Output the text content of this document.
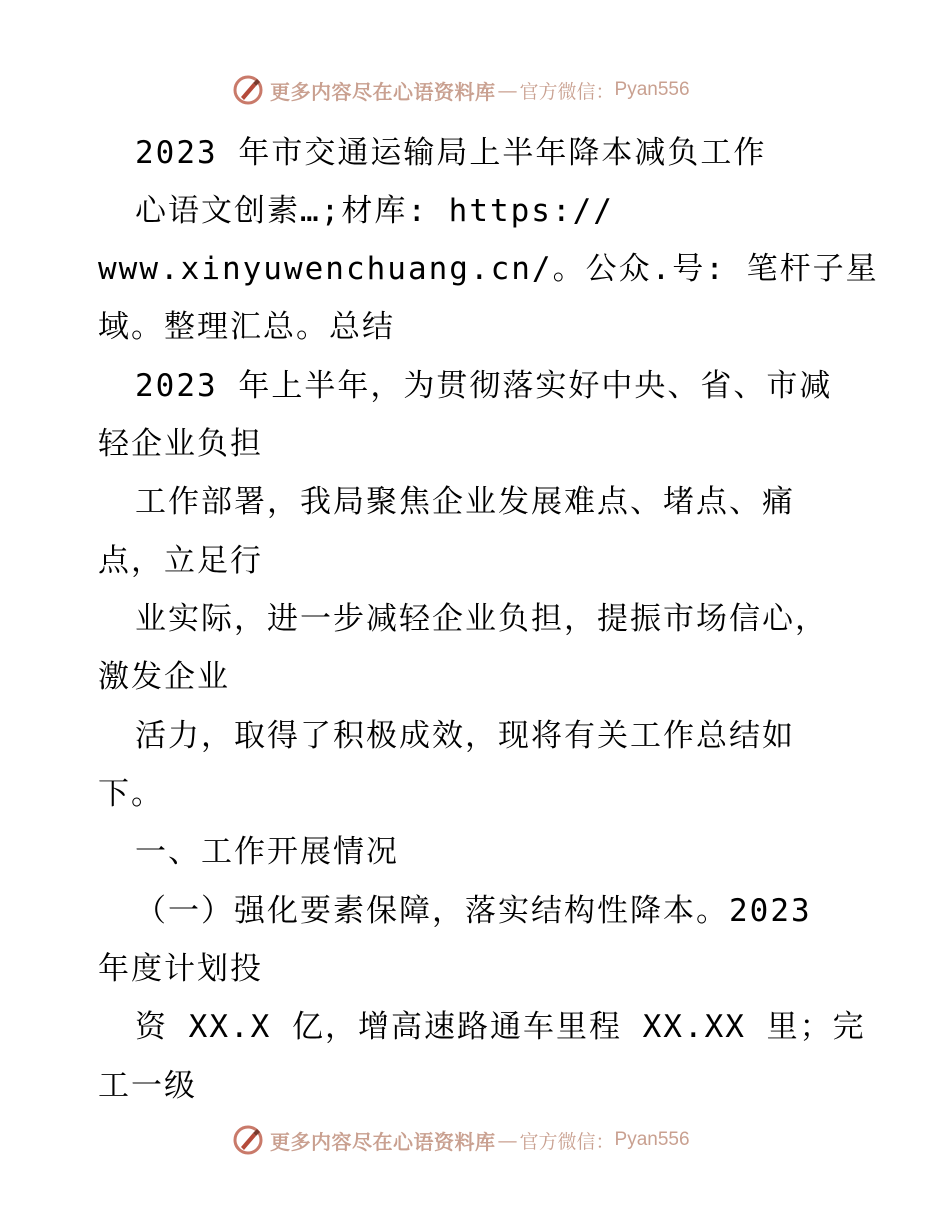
更多内容尽在心语资料库 — 官方微信： Pyan556
2023 年市交通运输局上半年降本减负工作
心语文创素…;材库: https://
www.xinyuwenchuang.cn/。公众.号: 笔杆子星
域。整理汇总。总结
2023 年上半年，为贯彻落实好中央、省、市减
轻企业负担
工作部署，我局聚焦企业发展难点、堵点、痛
点，立足行
业实际，进一步减轻企业负担，提振市场信心，
激发企业
活力，取得了积极成效，现将有关工作总结如
下。
一、工作开展情况
（一）强化要素保障，落实结构性降本。2023
年度计划投
资 XX.X 亿，增高速路通车里程 XX.XX 里；完
工一级
更多内容尽在心语资料库 — 官方微信： Pyan556
